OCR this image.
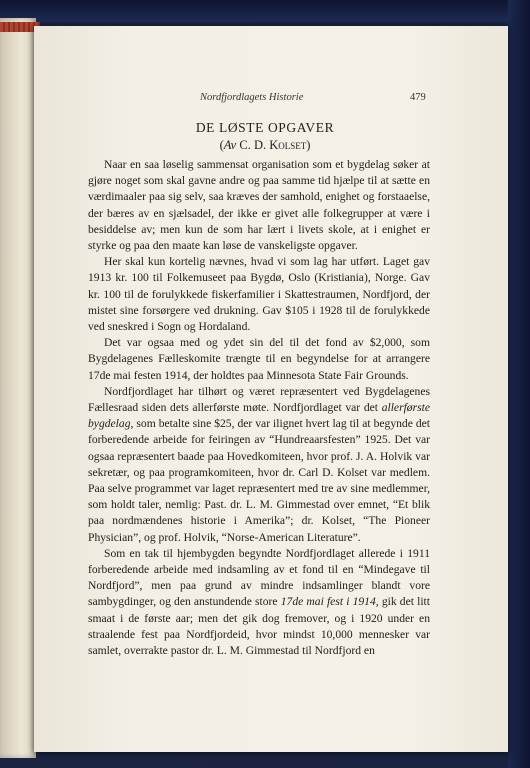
Nordfjordlagets Historie	479
DE LØSTE OPGAVER
(Av C. D. Kolset)

Naar en saa løselig sammensat organisation som et bygdelag søker at gjøre noget som skal gavne andre og paa samme tid hjælpe til at sætte en værdimaaler paa sig selv, saa kræves der samhold, enighet og forstaaelse, der bæres av en sjælsadel, der ikke er givet alle folkegrupper at være i besiddelse av; men kun de som har lært i livets skole, at i enighet er styrke og paa den maate kan løse de vanskeligste opgaver.

Her skal kun kortelig nævnes, hvad vi som lag har utført. Laget gav 1913 kr. 100 til Folkemuseet paa Bygdø, Oslo (Kristiania), Norge. Gav kr. 100 til de forulykkede fiskerfamilier i Skattestraumen, Nordfjord, der mistet sine forsørgere ved drukning. Gav $105 i 1928 til de forulykkede ved sneskred i Sogn og Hordaland.

Det var ogsaa med og ydet sin del til det fond av $2,000, som Bygdelagenes Fælleskomite trængte til en begyndelse for at arrangere 17de mai festen 1914, der holdtes paa Minnesota State Fair Grounds.

Nordfjordlaget har tilhørt og været repræsentert ved Bygdelagenes Fællesraad siden dets allerførste møte. Nordfjordlaget var det allerførste bygdelag, som betalte sine $25, der var ilignet hvert lag til at begynde det forberedende arbeide for feiringen av “Hundreaarsfesten” 1925. Det var ogsaa repræsentert baade paa Hovedkomiteen, hvor prof. J. A. Holvik var sekretær, og paa programkomiteen, hvor dr. Carl D. Kolset var medlem. Paa selve programmet var laget repræsentert med tre av sine medlemmer, som holdt taler, nemlig: Past. dr. L. M. Gimmestad over emnet, “Et blik paa nordmændenes historie i Amerika”; dr. Kolset, “The Pioneer Physician”, og prof. Holvik, “Norse-American Literature”.

Som en tak til hjembygden begyndte Nordfjordlaget allerede i 1911 forberedende arbeide med indsamling av et fond til en “Mindegave til Nordfjord”, men paa grund av mindre indsamlinger blandt vore sambygdinger, og den anstundende store 17de mai fest i 1914, gik det litt smaat i de første aar; men det gik dog fremover, og i 1920 under en straalende fest paa Nordfjordeid, hvor mindst 10,000 mennesker var samlet, overrakte pastor dr. L. M. Gimmestad til Nordfjord en
